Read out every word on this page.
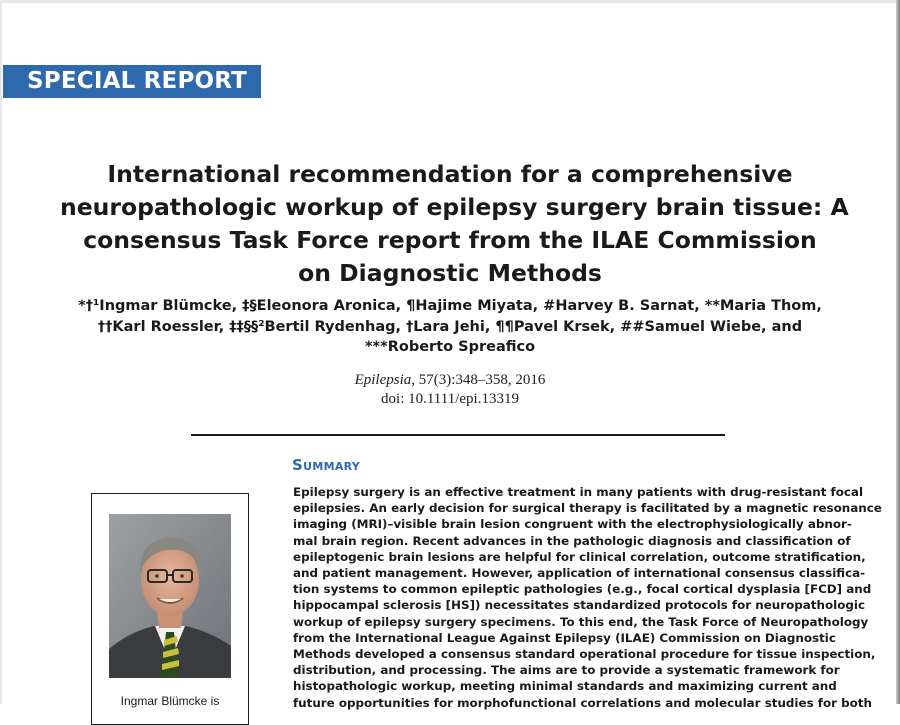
SPECIAL REPORT
International recommendation for a comprehensive
neuropathologic workup of epilepsy surgery brain tissue: A
consensus Task Force report from the ILAE Commission
on Diagnostic Methods
*†¹Ingmar Blümcke, ‡§Eleonora Aronica, ¶Hajime Miyata, #Harvey B. Sarnat, **Maria Thom,
††Karl Roessler, ‡‡§§²Bertil Rydenhag, †Lara Jehi, ¶¶Pavel Krsek, ##Samuel Wiebe, and
***Roberto Spreafico
Epilepsia, 57(3):348–358, 2016
doi: 10.1111/epi.13319
Summary
Epilepsy surgery is an effective treatment in many patients with drug-resistant focal
epilepsies. An early decision for surgical therapy is facilitated by a magnetic resonance
imaging (MRI)–visible brain lesion congruent with the electrophysiologically abnor-
mal brain region. Recent advances in the pathologic diagnosis and classification of
epileptogenic brain lesions are helpful for clinical correlation, outcome stratification,
and patient management. However, application of international consensus classifica-
tion systems to common epileptic pathologies (e.g., focal cortical dysplasia [FCD] and
hippocampal sclerosis [HS]) necessitates standardized protocols for neuropathologic
workup of epilepsy surgery specimens. To this end, the Task Force of Neuropathology
from the International League Against Epilepsy (ILAE) Commission on Diagnostic
Methods developed a consensus standard operational procedure for tissue inspection,
distribution, and processing. The aims are to provide a systematic framework for
histopathologic workup, meeting minimal standards and maximizing current and
future opportunities for morphofunctional correlations and molecular studies for both
Ingmar Blümcke is
